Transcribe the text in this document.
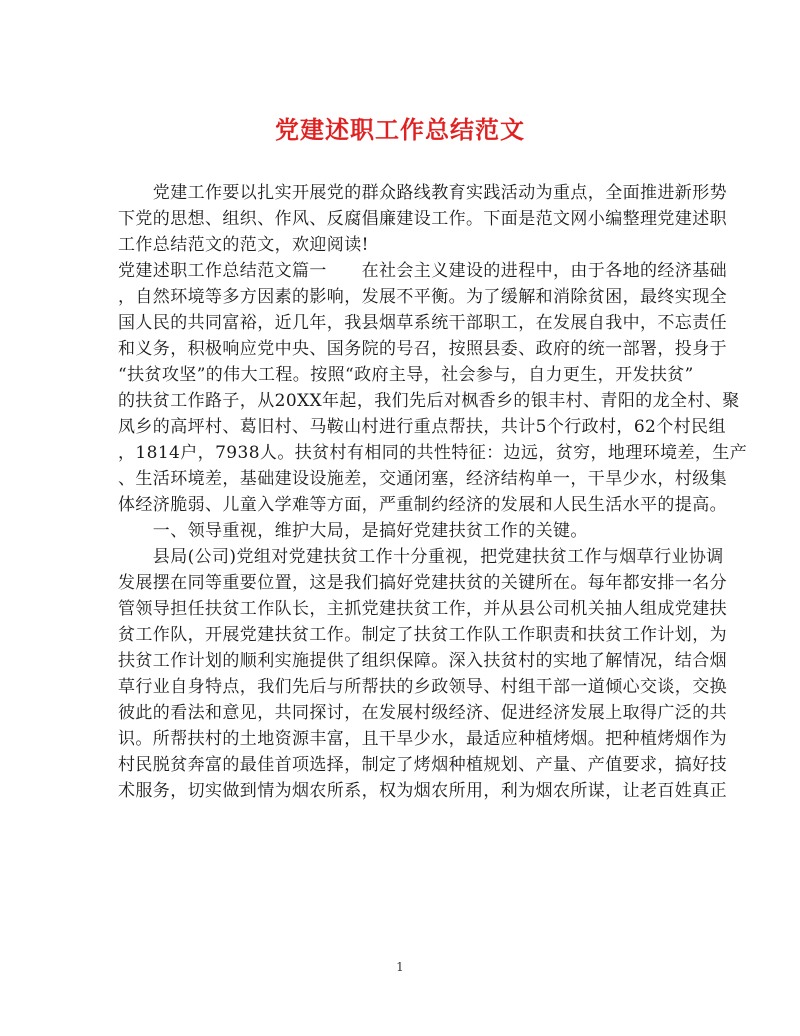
党建述职工作总结范文
　　党建工作要以扎实开展党的群众路线教育实践活动为重点，全面推进新形势
下党的思想、组织、作风、反腐倡廉建设工作。下面是范文网小编整理党建述职
工作总结范文的范文，欢迎阅读!
党建述职工作总结范文篇一　　在社会主义建设的进程中，由于各地的经济基础
，自然环境等多方因素的影响，发展不平衡。为了缓解和消除贫困，最终实现全
国人民的共同富裕，近几年，我县烟草系统干部职工，在发展自我中，不忘责任
和义务，积极响应党中央、国务院的号召，按照县委、政府的统一部署，投身于
“扶贫攻坚”的伟大工程。按照“政府主导，社会参与，自力更生，开发扶贫”
的扶贫工作路子，从20XX年起，我们先后对枫香乡的银丰村、青阳的龙全村、聚
凤乡的高坪村、葛旧村、马鞍山村进行重点帮扶，共计5个行政村，62个村民组
，1814户，7938人。扶贫村有相同的共性特征：边远，贫穷，地理环境差，生产
、生活环境差，基础建设设施差，交通闭塞，经济结构单一，干旱少水，村级集
体经济脆弱、儿童入学难等方面，严重制约经济的发展和人民生活水平的提高。
　　一、领导重视，维护大局，是搞好党建扶贫工作的关键。
　　县局(公司)党组对党建扶贫工作十分重视，把党建扶贫工作与烟草行业协调
发展摆在同等重要位置，这是我们搞好党建扶贫的关键所在。每年都安排一名分
管领导担任扶贫工作队长，主抓党建扶贫工作，并从县公司机关抽人组成党建扶
贫工作队，开展党建扶贫工作。制定了扶贫工作队工作职责和扶贫工作计划，为
扶贫工作计划的顺利实施提供了组织保障。深入扶贫村的实地了解情况，结合烟
草行业自身特点，我们先后与所帮扶的乡政领导、村组干部一道倾心交谈，交换
彼此的看法和意见，共同探讨，在发展村级经济、促进经济发展上取得广泛的共
识。所帮扶村的土地资源丰富，且干旱少水，最适应种植烤烟。把种植烤烟作为
村民脱贫奔富的最佳首项选择，制定了烤烟种植规划、产量、产值要求，搞好技
术服务，切实做到情为烟农所系，权为烟农所用，利为烟农所谋，让老百姓真正
1
